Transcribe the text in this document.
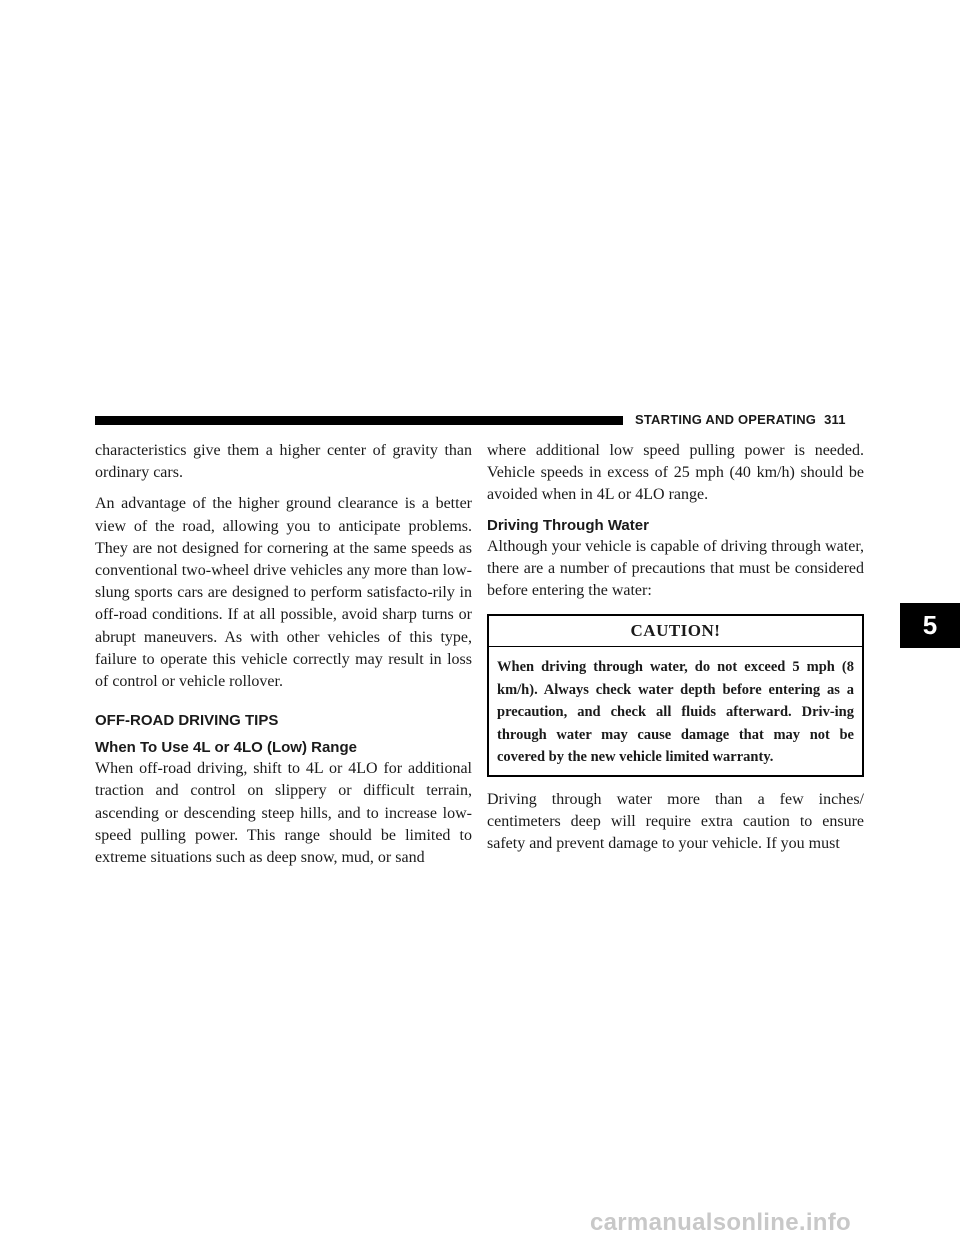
STARTING AND OPERATING 311

characteristics give them a higher center of gravity than ordinary cars.

An advantage of the higher ground clearance is a better view of the road, allowing you to anticipate problems. They are not designed for cornering at the same speeds as conventional two-wheel drive vehicles any more than low-slung sports cars are designed to perform satisfacto-rily in off-road conditions. If at all possible, avoid sharp turns or abrupt maneuvers. As with other vehicles of this type, failure to operate this vehicle correctly may result in loss of control or vehicle rollover.

OFF-ROAD DRIVING TIPS
When To Use 4L or 4LO (Low) Range

When off-road driving, shift to 4L or 4LO for additional traction and control on slippery or difficult terrain, ascending or descending steep hills, and to increase low-speed pulling power. This range should be limited to extreme situations such as deep snow, mud, or sand

where additional low speed pulling power is needed. Vehicle speeds in excess of 25 mph (40 km/h) should be avoided when in 4L or 4LO range.

Driving Through Water

Although your vehicle is capable of driving through water, there are a number of precautions that must be considered before entering the water:

CAUTION!
When driving through water, do not exceed 5 mph (8 km/h). Always check water depth before entering as a precaution, and check all fluids afterward. Driv-ing through water may cause damage that may not be covered by the new vehicle limited warranty.

Driving through water more than a few inches/ centimeters deep will require extra caution to ensure safety and prevent damage to your vehicle. If you must

5
carmanualsonline.info
